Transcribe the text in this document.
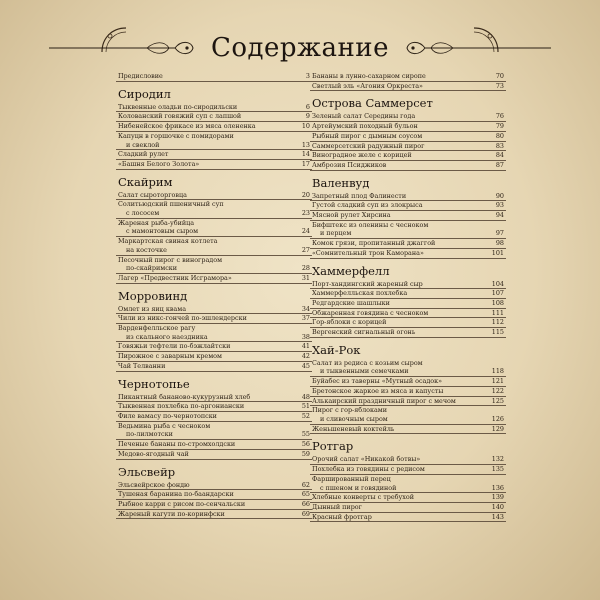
Содержание
Предисловие	3
Сиродил
Тыквенные оладьи по-сиродильски	6
Колованский говяжий суп с лапшой	9
Нибенейское фрикасе из мяса олененка	10
Капуцн в горшочке с помидорами
и свеклой	13
Сладкий рулет	14
«Башня Белого Золота»	17
Скайрим
Салат сыроторговца	20
Солитьюдский пшеничный суп
с лососем	23
Жареная рыба-убийца
с мамонтовым сыром	24
Маркартская свиная котлета
на косточке	27
Песочный пирог с виноградом
по-скайримски	28
Лагер «Предвестник Исграмора»	31
Морровинд
Омлет из яиц квама	34
Чили из никс-гончей по-эшлендерски	37
Варденфелльское рагу
из скального наездника	38
Говяжьи тефтели по-бэжлайтски	41
Пирожное с заварным кремом	42
Чай Телванни	45
Чернотопье
Пикантный бананово-кукурузный хлеб	48
Тыквенная похлебка по-аргониански	51
Филе вамасу по-чернотопски	52
Ведьмина рыба с чесноком
по-лилмотски	55
Печеные бананы по-стромхолдски	56
Медово-ягодный чай	59
Эльсвейр
Эльсвейрское фондю	62
Тушеная баранина по-баандарски	65
Рыбное карри с рисом по-сенчальски	66
Жареный кагути по-коринфски	69
Бананы в лунно-сахарном сиропе	70
Светлый эль «Агония Оркреста»	73
Острова Саммерсет
Зеленый салат Середины года	76
Артейумский походный бульон	79
Рыбный пирог с дымным соусом	80
Саммерсетский радужный пирог	83
Виноградное желе с корицей	84
Амброзия Псиджиков	87
Валенвуд
Запретный плод Фалинести	90
Густой сладкий суп из злокрыса	93
Мясной рулет Хирсина	94
Бифштекс из оленины с чесноком
и перцем	97
Комок грязи, пропитанный джаггой	98
«Сомнительный трон Каморана»	101
Хаммерфелл
Порт-хандингский жареный сыр	104
Хаммерфелльская похлебка	107
Редгардские шашлыки	108
Обжаренная говядина с чесноком	111
Гор-яблоки с корицей	112
Вергенский сигнальный огонь	115
Хай-Рок
Салат из редиса с козьим сыром
и тыквенными семечками	118
Буйабес из таверны «Мутный осадок»	121
Бретонское жаркое из мяса и капусты	122
Алькаирский праздничный пирог с мечом	125
Пирог с гор-яблоками
и сливочным сыром	126
Женьшеневый коктейль	129
Ротгар
Орочий салат «Никакой ботвы»	132
Похлебка из говядины с редисом	135
Фаршированный перец
с пшеном и говядиной	136
Хлебные конверты с требухой	139
Дынный пирог	140
Красный фротгар	143
